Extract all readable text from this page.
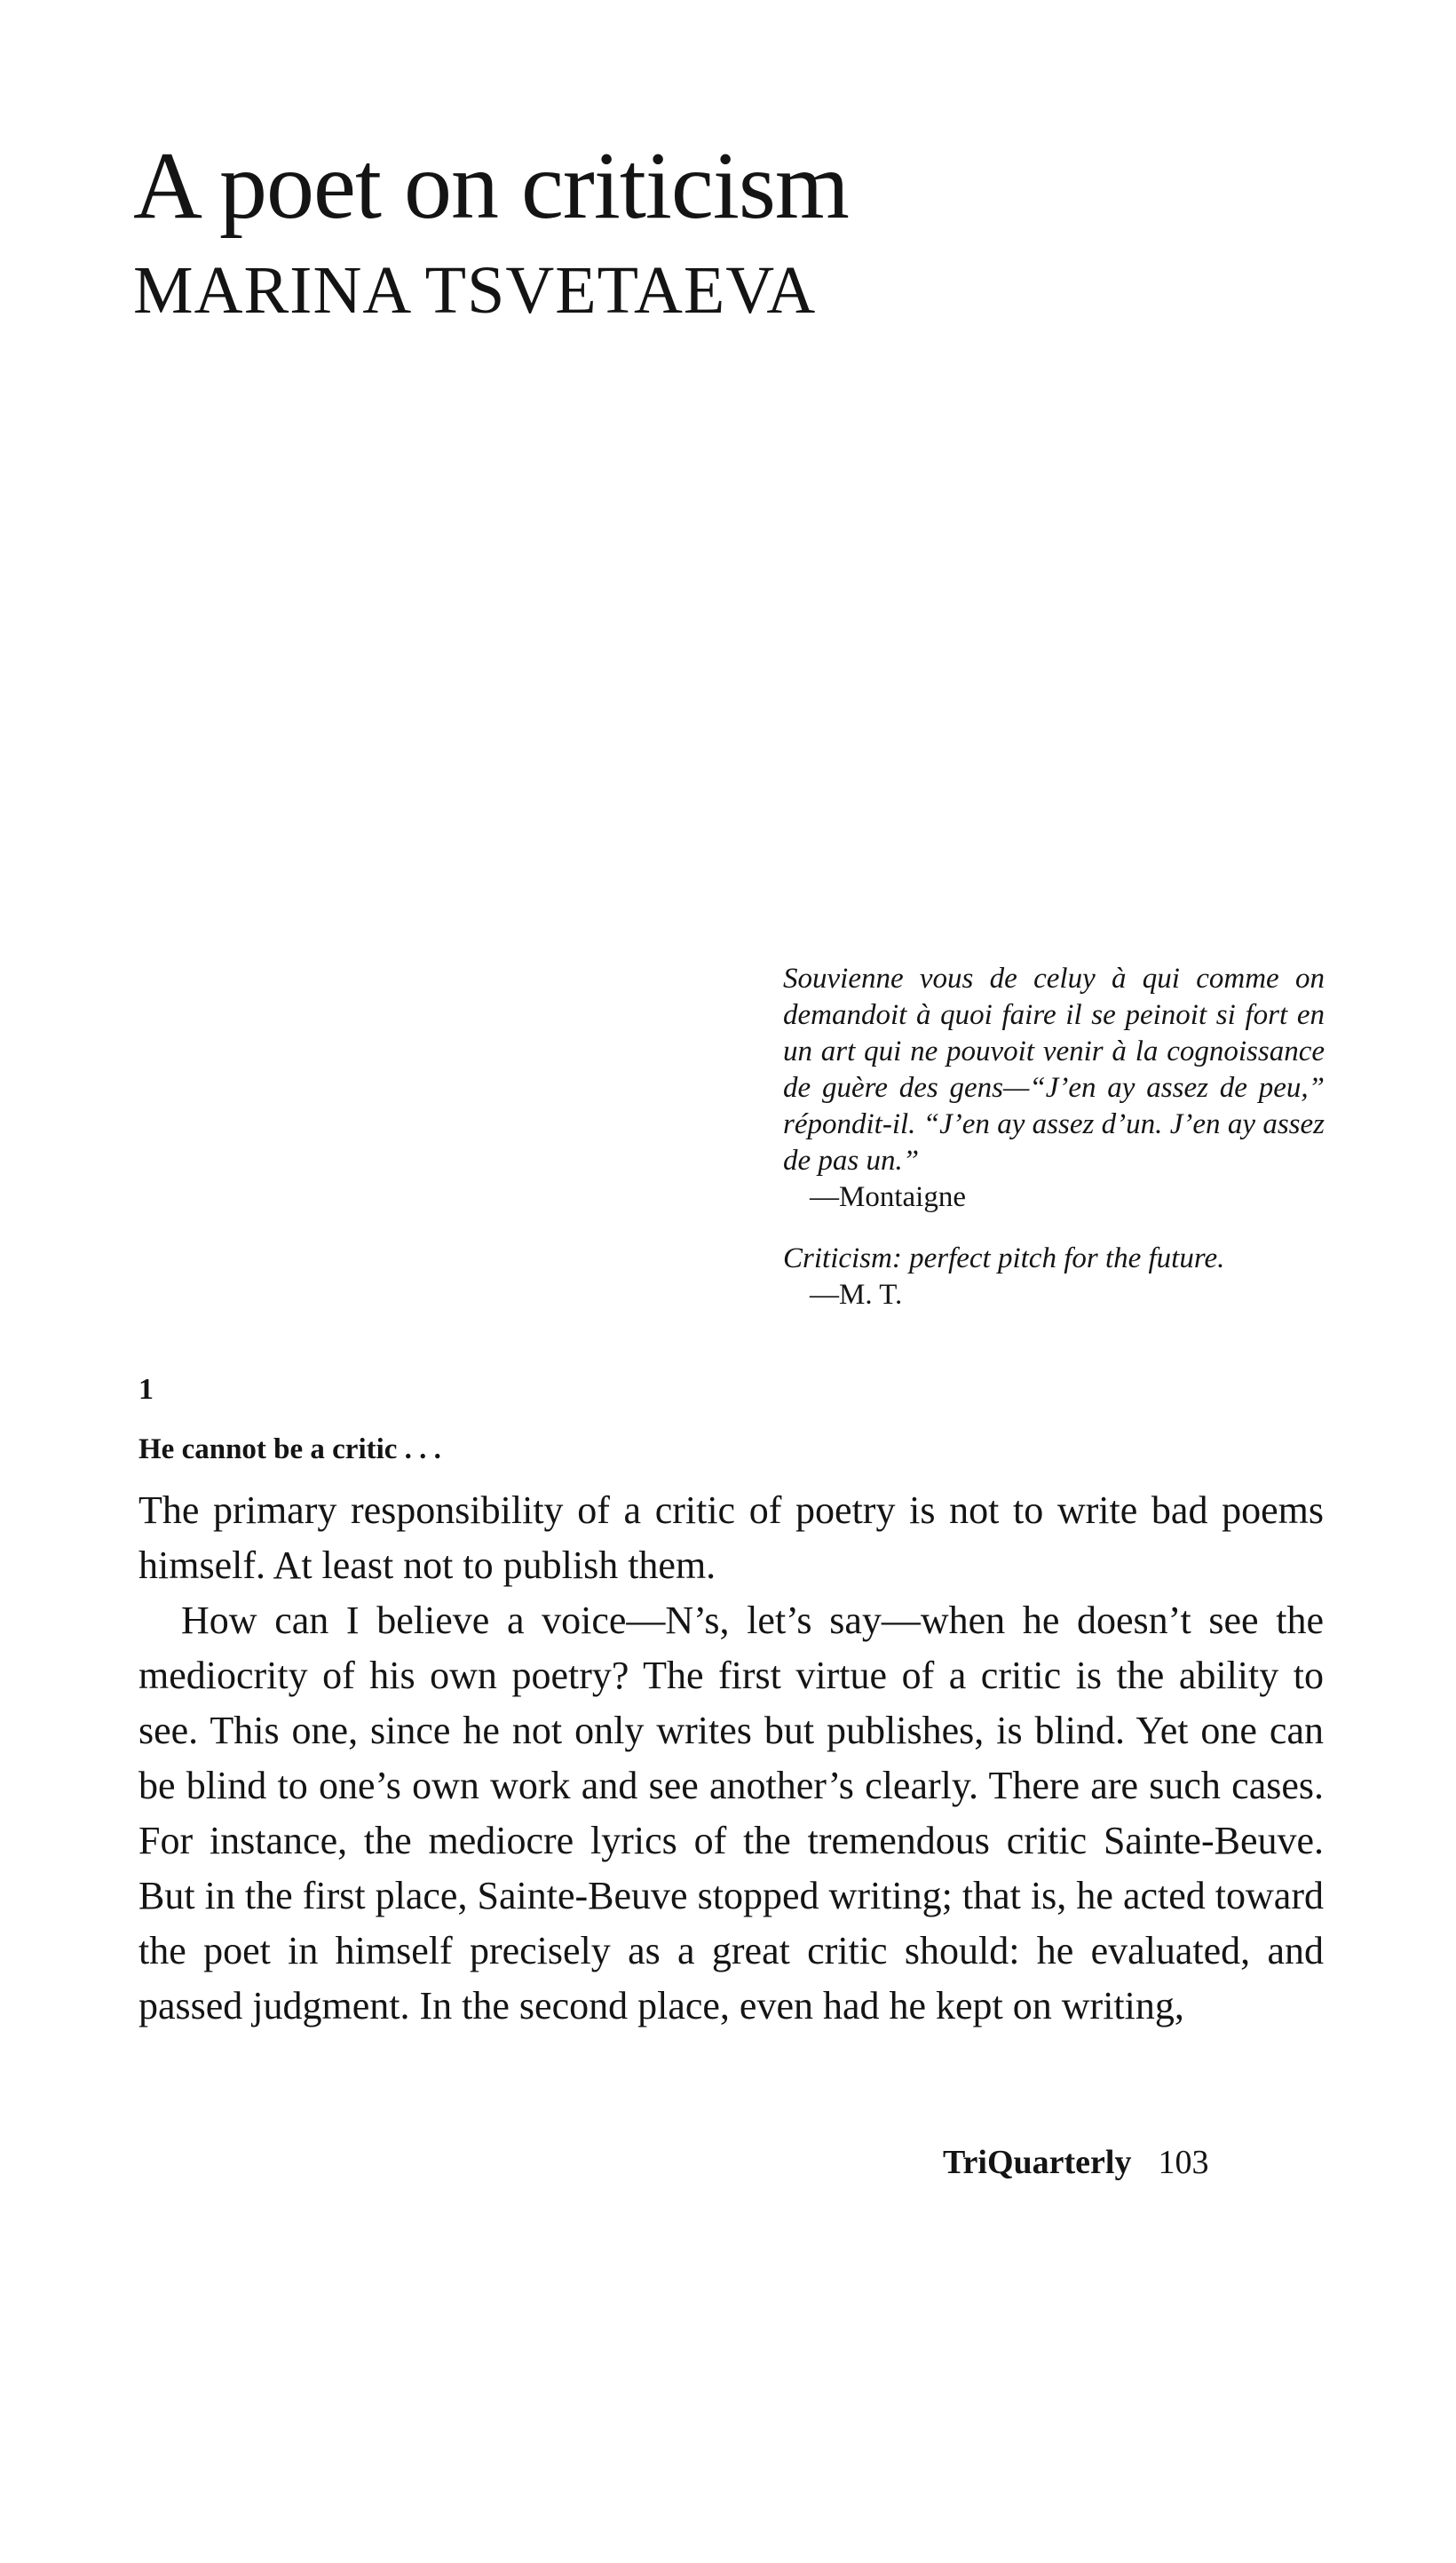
A poet on criticism
MARINA TSVETAEVA

Souvienne vous de celuy à qui comme on demandoit à quoi faire il se peinoit si fort en un art qui ne pouvoit venir à la cognoissance de guère des gens—“J’en ay assez de peu,” répondit-il. “J’en ay assez d’un. J’en ay assez de pas un.”

—Montaigne

Criticism: perfect pitch for the future.

—M. T.

1

He cannot be a critic . . .

The primary responsibility of a critic of poetry is not to write bad poems himself. At least not to publish them.

How can I believe a voice—N’s, let’s say—when he doesn’t see the mediocrity of his own poetry? The first virtue of a critic is the ability to see. This one, since he not only writes but publishes, is blind. Yet one can be blind to one’s own work and see another’s clearly. There are such cases. For instance, the mediocre lyrics of the tremendous critic Sainte-Beuve. But in the first place, Sainte-Beuve stopped writing; that is, he acted toward the poet in himself precisely as a great critic should: he evaluated, and passed judgment. In the second place, even had he kept on writing,

TriQuarterly 103
